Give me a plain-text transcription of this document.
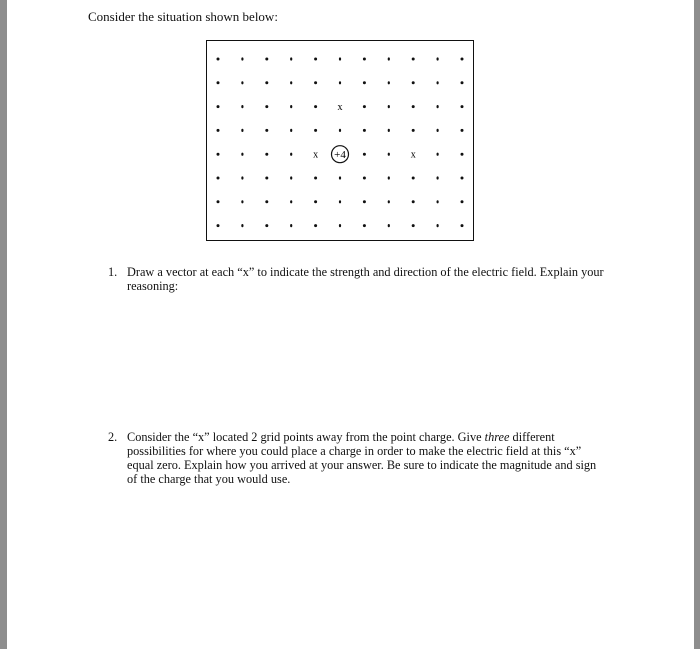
Consider the situation shown below:
x
x +4	x
1. Draw a vector at each “x” to indicate the strength and direction of the electric field. Explain your
reasoning:
2. Consider the “x” located 2 grid points away from the point charge. Give three different
possibilities for where you could place a charge in order to make the electric field at this “x”
equal zero. Explain how you arrived at your answer. Be sure to indicate the magnitude and sign
of the charge that you would use.
